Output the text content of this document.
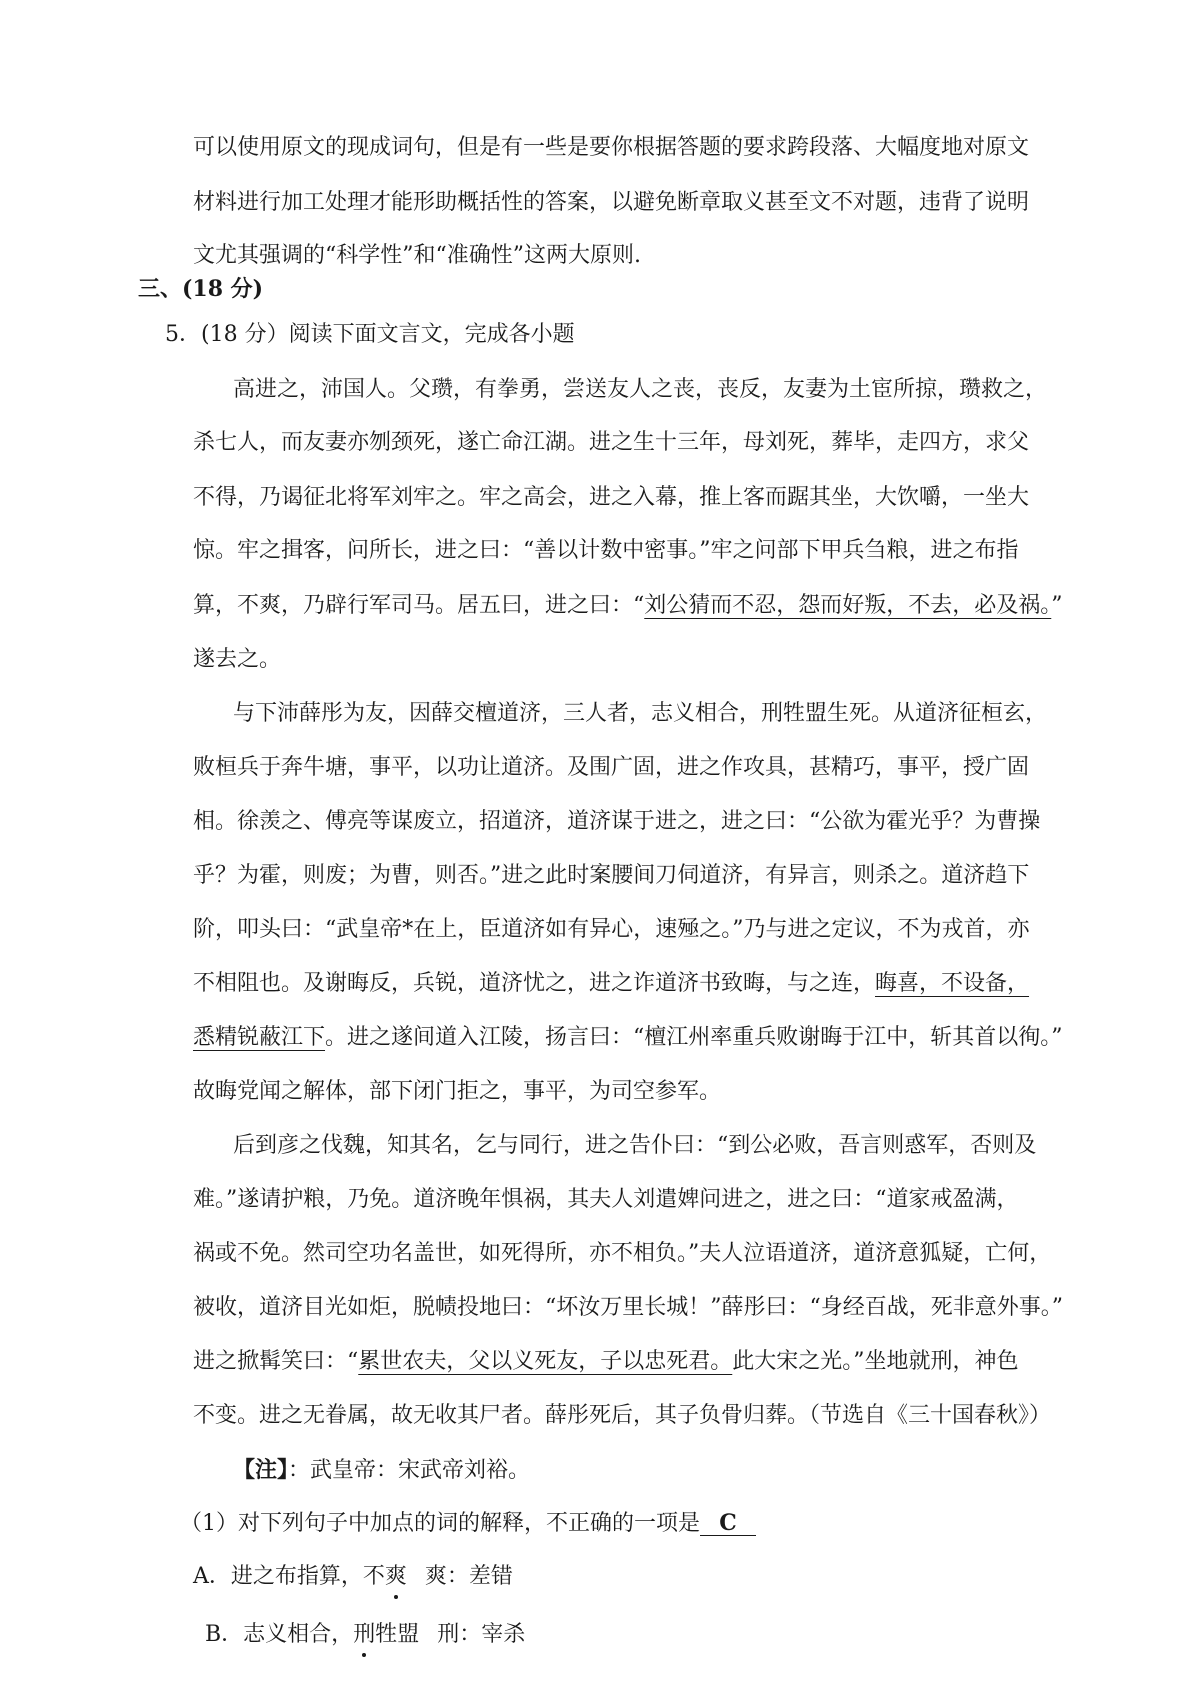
可以使用原文的现成词句，但是有一些是要你根据答题的要求跨段落、大幅度地对原文
材料进行加工处理才能形助概括性的答案，以避免断章取义甚至文不对题，违背了说明
文尤其强调的“科学性”和“准确性”这两大原则.
三、(18 分)
5．(18 分）阅读下面文言文，完成各小题
高进之，沛国人。父瓒，有拳勇，尝送友人之丧，丧反，友妻为土宦所掠，瓒救之，
杀七人，而友妻亦刎颈死，遂亡命江湖。进之生十三年，母刘死，葬毕，走四方，求父
不得，乃谒征北将军刘牢之。牢之高会，进之入幕，推上客而踞其坐，大饮嚼，一坐大
惊。牢之揖客，问所长，进之曰：“善以计数中密事。”牢之问部下甲兵刍粮，进之布指
算，不爽，乃辟行军司马。居五曰，进之曰：“刘公猜而不忍，怨而好叛，不去，必及祸。”
遂去之。
与下沛薛彤为友，因薛交檀道济，三人者，志义相合，刑牲盟生死。从道济征桓玄，
败桓兵于奔牛塘，事平，以功让道济。及围广固，进之作攻具，甚精巧，事平，授广固
相。徐羡之、傅亮等谋废立，招道济，道济谋于进之，进之曰：“公欲为霍光乎？为曹操
乎？为霍，则废；为曹，则否。”进之此时案腰间刀伺道济，有异言，则杀之。道济趋下
阶，叩头曰：“武皇帝*在上，臣道济如有异心，速殛之。”乃与进之定议，不为戎首，亦
不相阻也。及谢晦反，兵锐，道济忧之，进之诈道济书致晦，与之连，晦喜，不设备，
悉精锐蔽江下。进之遂间道入江陵，扬言曰：“檀江州率重兵败谢晦于江中，斩其首以徇。”
故晦党闻之解体，部下闭门拒之，事平，为司空参军。
后到彦之伐魏，知其名，乞与同行，进之告仆曰：“到公必败，吾言则惑军，否则及
难。”遂请护粮，乃免。道济晚年惧祸，其夫人刘遣婢问进之，进之曰：“道家戒盈满，
祸或不免。然司空功名盖世，如死得所，亦不相负。”夫人泣语道济，道济意狐疑，亡何，
被收，道济目光如炬，脱帻投地曰：“坏汝万里长城！”薛彤曰：“身经百战，死非意外事。”
进之掀髯笑曰：“累世农夫，父以义死友，子以忠死君。此大宋之光。”坐地就刑，神色
不变。进之无眷属，故无收其尸者。薛彤死后，其子负骨归葬。（节选自《三十国春秋》）
【注】：武皇帝：宋武帝刘裕。
（1）对下列句子中加点的词的解释，不正确的一项是 C
A．进之布指算，不爽 爽：差错
B．志义相合，刑牲盟 刑：宰杀
